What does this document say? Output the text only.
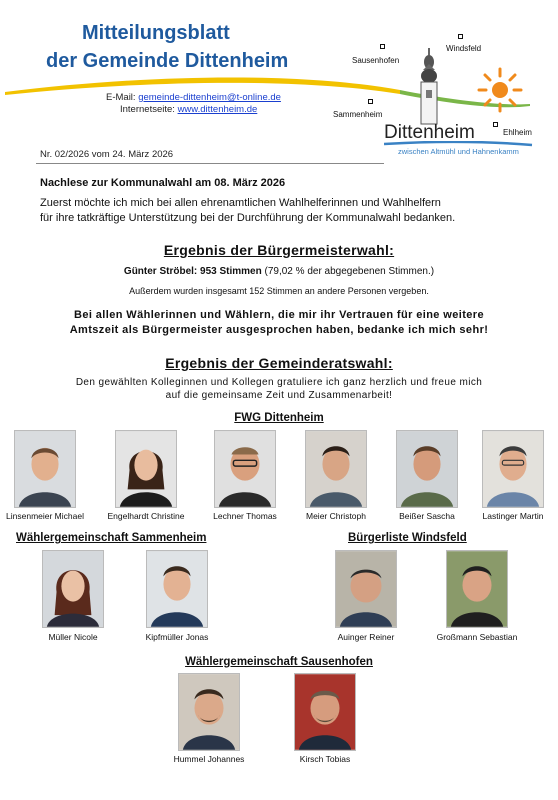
Mitteilungsblatt
der Gemeinde Dittenheim
E-Mail: gemeinde-dittenheim@t-online.de
Internetseite: www.dittenheim.de
Sausenhofen
Windsfeld
Sammenheim
Ehlheim
Dittenheim
zwischen Altmühl und Hahnenkamm
Nr. 02/2026 vom 24. März 2026
Nachlese zur Kommunalwahl am 08. März 2026
Zuerst möchte ich mich bei allen ehrenamtlichen Wahlhelferinnen und Wahlhelfern
für ihre tatkräftige Unterstützung bei der Durchführung der Kommunalwahl bedanken.
Ergebnis der Bürgermeisterwahl:
Günter Ströbel: 953 Stimmen (79,02 % der abgegebenen Stimmen.)
Außerdem wurden insgesamt 152 Stimmen an andere Personen vergeben.
Bei allen Wählerinnen und Wählern, die mir ihr Vertrauen für eine weitere
Amtszeit als Bürgermeister ausgesprochen haben, bedanke ich mich sehr!
Ergebnis der Gemeinderatswahl:
Den gewählten Kolleginnen und Kollegen gratuliere ich ganz herzlich und freue mich
auf die gemeinsame Zeit und Zusammenarbeit!
FWG Dittenheim
Linsenmeier Michael	Engelhardt Christine	Lechner Thomas	Meier Christoph	Beißer Sascha	Lastinger Martin
Wählergemeinschaft Sammenheim
Müller Nicole	Kipfmüller Jonas
Bürgerliste Windsfeld
Auinger Reiner	Großmann Sebastian
Wählergemeinschaft Sausenhofen
Hummel Johannes	Kirsch Tobias
